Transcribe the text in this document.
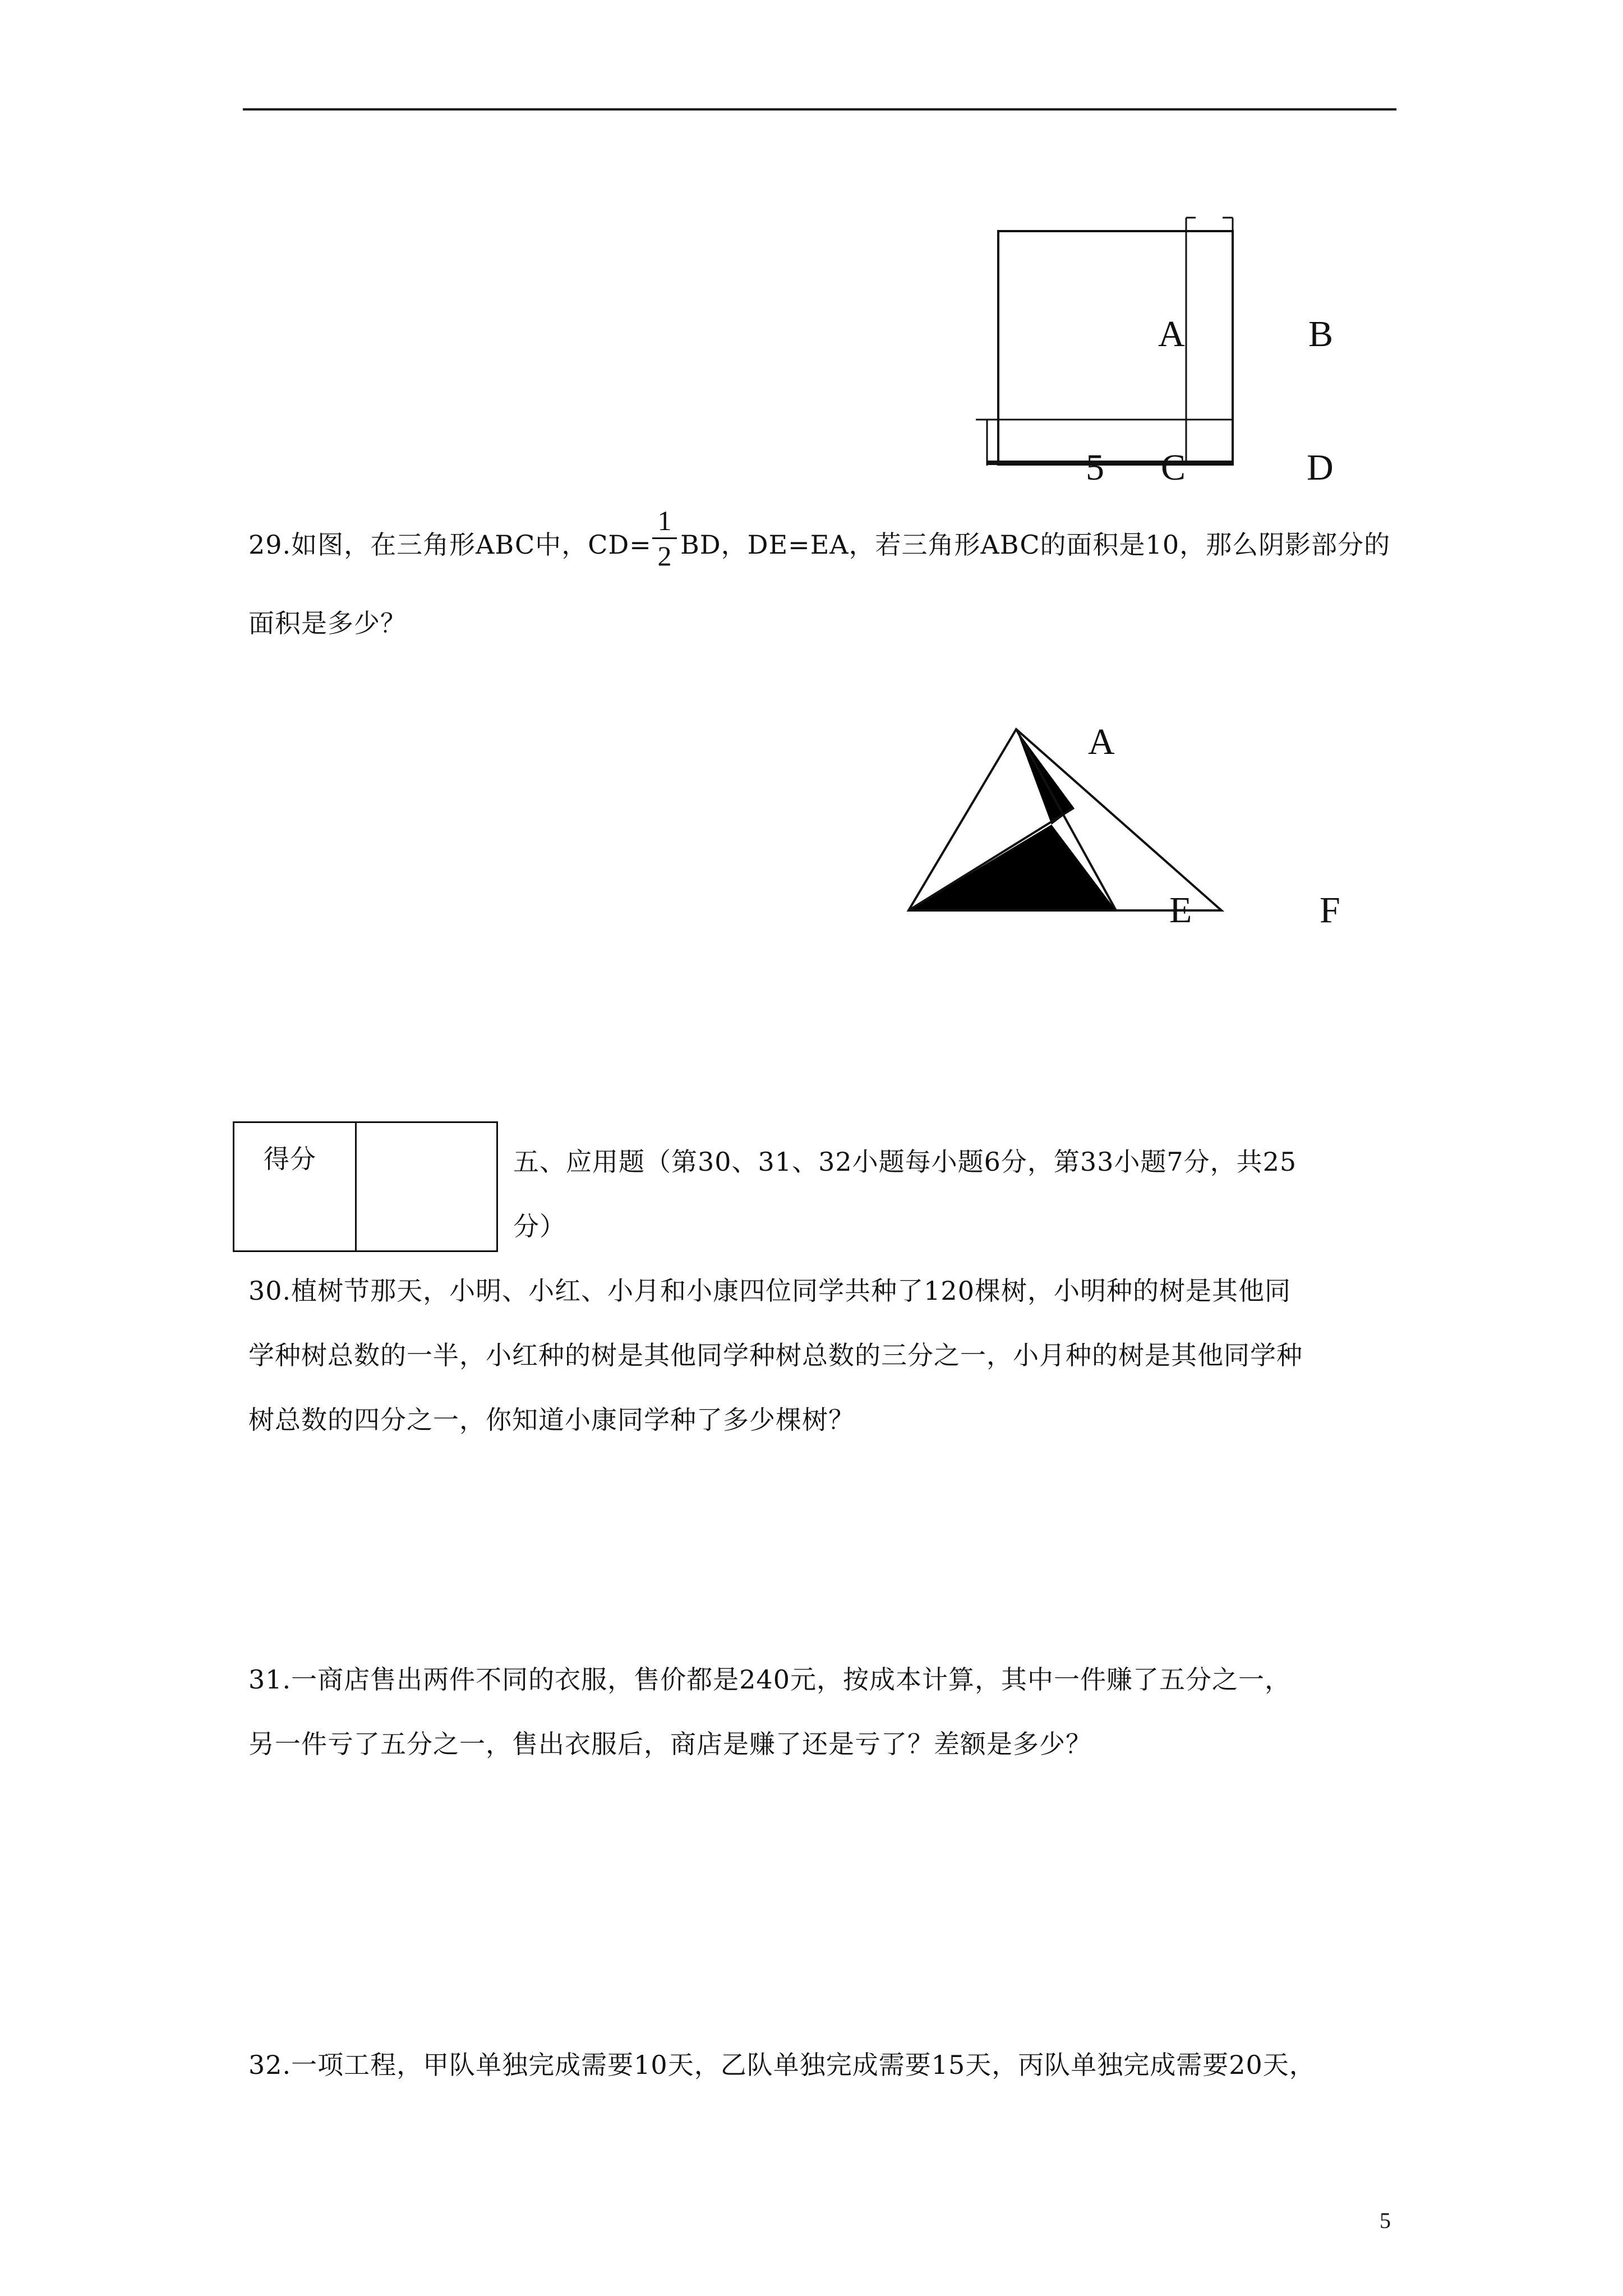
A	B
5 C	D
29.如图，在三角形ABC中，CD=
1
2 BD，DE=EA，若三角形ABC的面积是10，那么阴影部分的
面积是多少？
A
E	F
得分	五、应用题（第30、31、32小题每小题6分，第33小题7分，共25
分）
30.植树节那天，小明、小红、小月和小康四位同学共种了120棵树，小明种的树是其他同
学种树总数的一半，小红种的树是其他同学种树总数的三分之一，小月种的树是其他同学种
树总数的四分之一，你知道小康同学种了多少棵树？
31.一商店售出两件不同的衣服，售价都是240元，按成本计算，其中一件赚了五分之一，
另一件亏了五分之一，售出衣服后，商店是赚了还是亏了？差额是多少？
32.一项工程，甲队单独完成需要10天，乙队单独完成需要15天，丙队单独完成需要20天，
5
